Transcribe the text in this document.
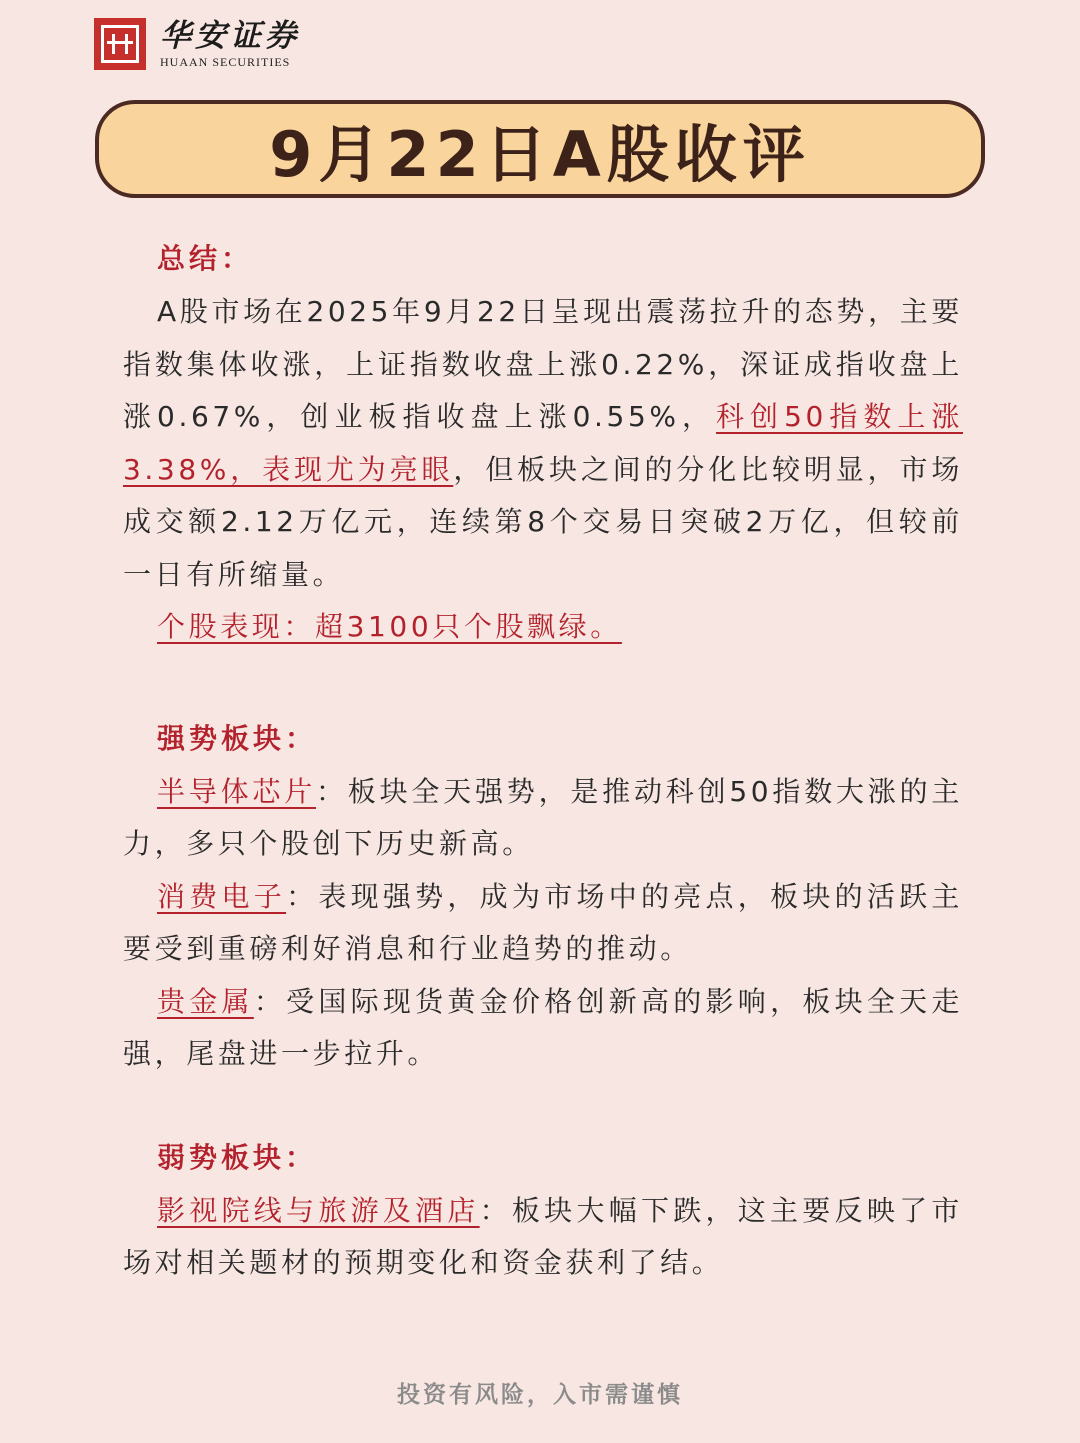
华安证券
HUAAN SECURITIES
9月22日A股收评
总结：

A股市场在2025年9月22日呈现出震荡拉升的态势，主要指数集体收涨，上证指数收盘上涨0.22%，深证成指收盘上涨0.67%，创业板指收盘上涨0.55%，科创50指数上涨3.38%，表现尤为亮眼，但板块之间的分化比较明显，市场成交额2.12万亿元，连续第8个交易日突破2万亿，但较前一日有所缩量。

个股表现：超3100只个股飘绿。

强势板块：

半导体芯片：板块全天强势，是推动科创50指数大涨的主力，多只个股创下历史新高。

消费电子：表现强势，成为市场中的亮点，板块的活跃主要受到重磅利好消息和行业趋势的推动。

贵金属：受国际现货黄金价格创新高的影响，板块全天走强，尾盘进一步拉升。

弱势板块：

影视院线与旅游及酒店：板块大幅下跌，这主要反映了市场对相关题材的预期变化和资金获利了结。

投资有风险，入市需谨慎
